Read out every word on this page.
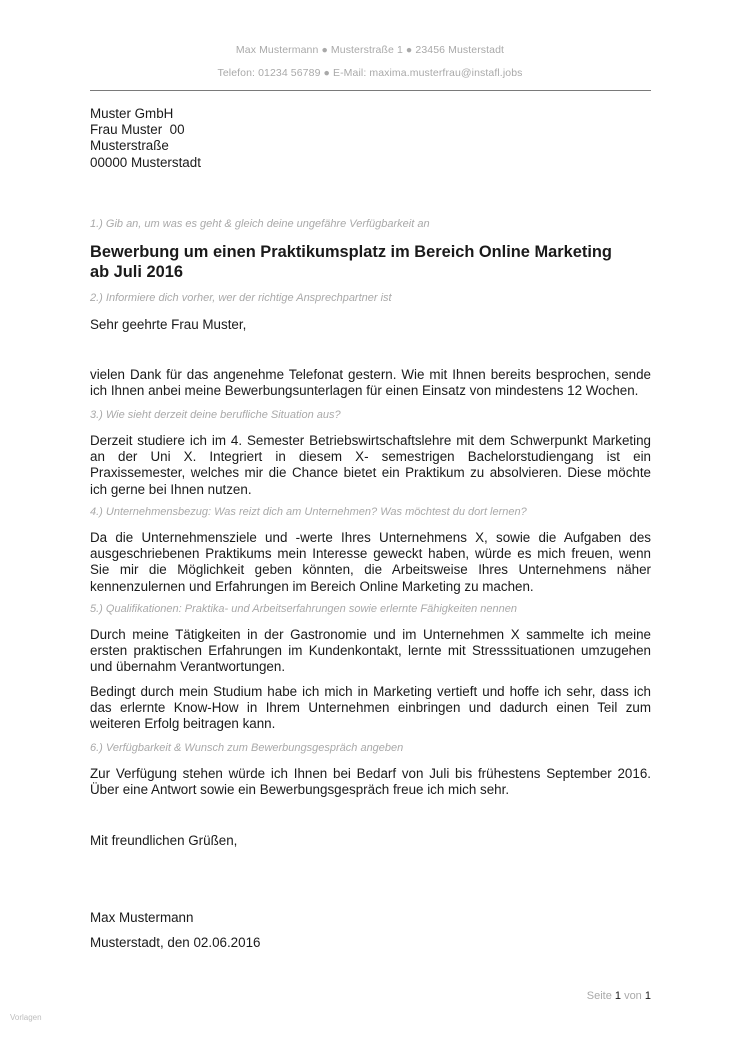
Max Mustermann ● Musterstraße 1 ● 23456 Musterstadt
Telefon: 01234 56789 ● E-Mail: maxima.musterfrau@instafl.jobs
Muster GmbH
Frau Muster  00
Musterstraße
00000 Musterstadt
1.) Gib an, um was es geht & gleich deine ungefähre Verfügbarkeit an
Bewerbung um einen Praktikumsplatz im Bereich Online Marketing
ab Juli 2016
2.) Informiere dich vorher, wer der richtige Ansprechpartner ist
Sehr geehrte Frau Muster,
vielen Dank für das angenehme Telefonat gestern. Wie mit Ihnen bereits besprochen, sende
ich Ihnen anbei meine Bewerbungsunterlagen für einen Einsatz von mindestens 12 Wochen.
3.) Wie sieht derzeit deine berufliche Situation aus?
Derzeit studiere ich im 4. Semester Betriebswirtschaftslehre mit dem Schwerpunkt Marketing
an der Uni X. Integriert in diesem X- semestrigen Bachelorstudiengang ist ein
Praxissemester, welches mir die Chance bietet ein Praktikum zu absolvieren. Diese möchte
ich gerne bei Ihnen nutzen.
4.) Unternehmensbezug: Was reizt dich am Unternehmen? Was möchtest du dort lernen?
Da die Unternehmensziele und -werte Ihres Unternehmens X, sowie die Aufgaben des
ausgeschriebenen Praktikums mein Interesse geweckt haben, würde es mich freuen, wenn
Sie mir die Möglichkeit geben könnten, die Arbeitsweise Ihres Unternehmens näher
kennenzulernen und Erfahrungen im Bereich Online Marketing zu machen.
5.) Qualifikationen: Praktika- und Arbeitserfahrungen sowie erlernte Fähigkeiten nennen
Durch meine Tätigkeiten in der Gastronomie und im Unternehmen X sammelte ich meine
ersten praktischen Erfahrungen im Kundenkontakt, lernte mit Stresssituationen umzugehen
und übernahm Verantwortungen.
Bedingt durch mein Studium habe ich mich in Marketing vertieft und hoffe ich sehr, dass ich
das erlernte Know-How in Ihrem Unternehmen einbringen und dadurch einen Teil zum
weiteren Erfolg beitragen kann.
6.) Verfügbarkeit & Wunsch zum Bewerbungsgespräch angeben
Zur Verfügung stehen würde ich Ihnen bei Bedarf von Juli bis frühestens September 2016.
Über eine Antwort sowie ein Bewerbungsgespräch freue ich mich sehr.
Mit freundlichen Grüßen,
Max Mustermann
Musterstadt, den 02.06.2016
Seite 1 von 1
Vorlagen
